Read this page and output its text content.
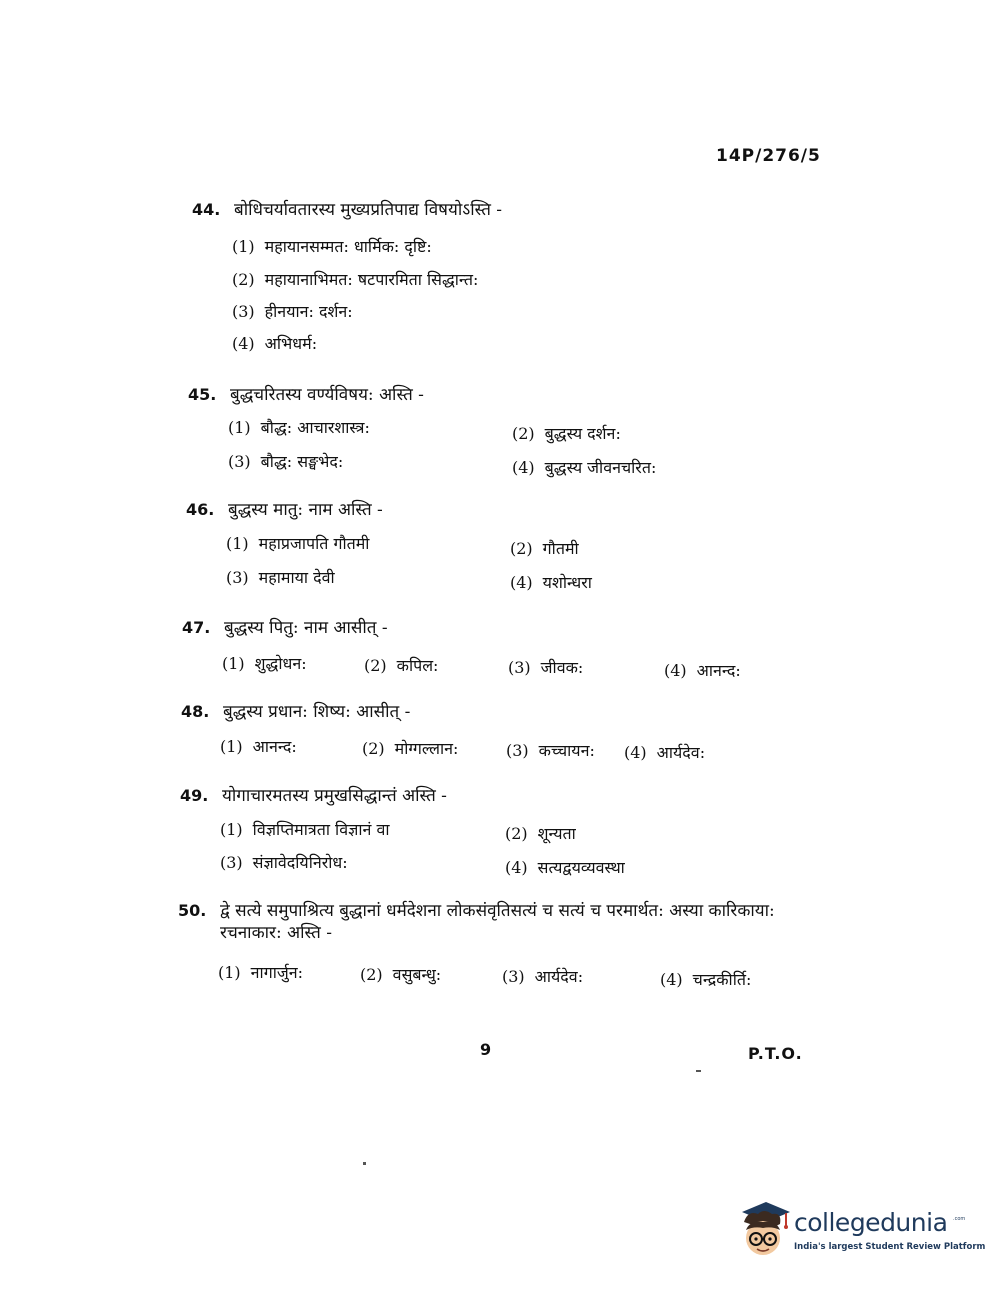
14P/276/5
44. बोधिचर्यावतारस्य मुख्यप्रतिपाद्य विषयोऽस्ति -
(1) महायानसम्मत: धार्मिक: दृष्टि:
(2) महायानाभिमत: षटपारमिता सिद्धान्त:
(3) हीनयान: दर्शन:
(4) अभिधर्म:
45. बुद्धचरितस्य वर्ण्यविषय: अस्ति -
(1) बौद्ध: आचारशास्त्र:	(2) बुद्धस्य दर्शन:
(3) बौद्ध: सङ्घभेद:	(4) बुद्धस्य जीवनचरित:
46. बुद्धस्य मातु: नाम अस्ति -
(1) महाप्रजापति गौतमी	(2) गौतमी
(3) महामाया देवी	(4) यशोन्धरा
47. बुद्धस्य पितु: नाम आसीत् -
(1) शुद्धोधन:	(2) कपिल:	(3) जीवक:	(4) आनन्द:
48. बुद्धस्य प्रधान: शिष्य: आसीत् -
(1) आनन्द:	(2) मोग्गल्लान:	(3) कच्चायन: (4) आर्यदेव:
49. योगाचारमतस्य प्रमुखसिद्धान्तं अस्ति -
(1) विज्ञप्तिमात्रता विज्ञानं वा	(2) शून्यता
(3) संज्ञावेदयिनिरोध:	(4) सत्यद्वयव्यवस्था
50. द्वे सत्ये समुपाश्रित्य बुद्धानां धर्मदेशना लोकसंवृतिसत्यं च सत्यं च परमार्थत: अस्या कारिकाया: रचनाकार: अस्ति -
(1) नागार्जुन:	(2) वसुबन्धु:	(3) आर्यदेव:	(4) चन्द्रकीर्ति:
9	P.T.O.
collegedunia .com
India's largest Student Review Platform
